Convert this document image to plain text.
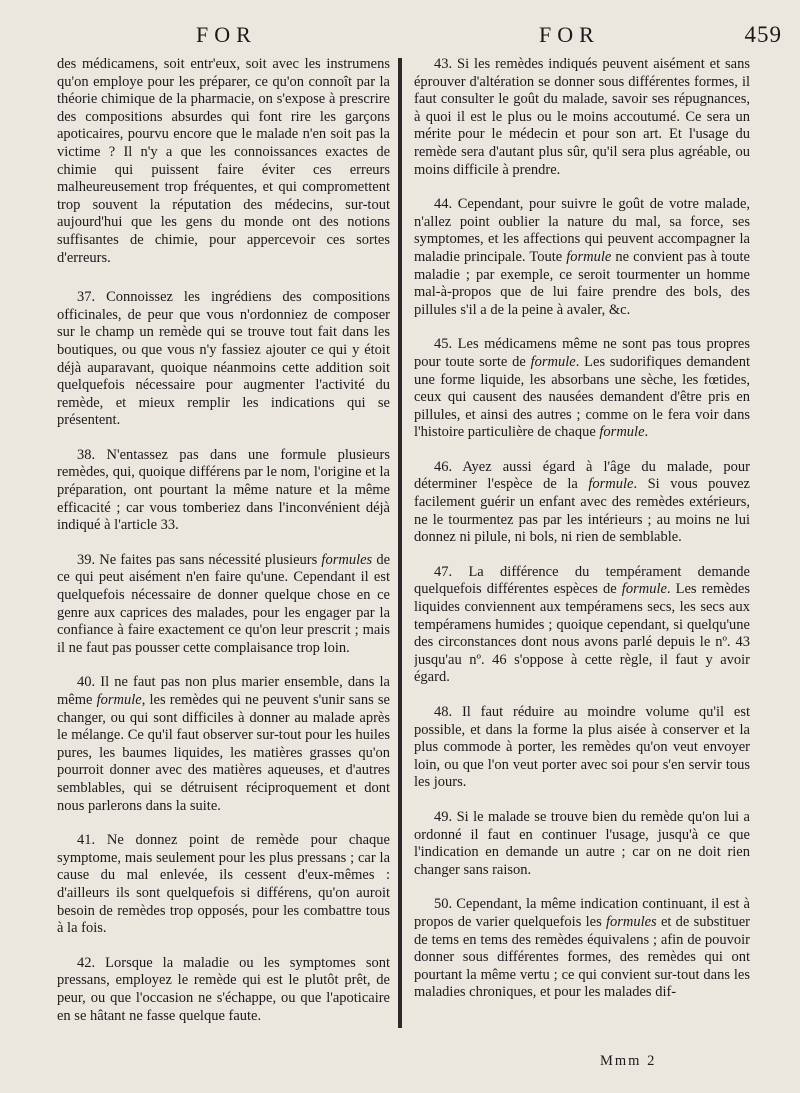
FOR	FOR	459

des médicamens, soit entr'eux, soit avec les instrumens qu'on employe pour les préparer, ce qu'on connoît par la théorie chimique de la pharmacie, on s'expose à prescrire des compositions absurdes qui font rire les garçons apoticaires, pourvu encore que le malade n'en soit pas la victime ? Il n'y a que les connoissances exactes de chimie qui puissent faire éviter ces erreurs malheureusement trop fréquentes, et qui compromettent trop souvent la réputation des médecins, sur-tout aujourd'hui que les gens du monde ont des notions suffisantes de chimie, pour appercevoir ces sortes d'erreurs.

37. Connoissez les ingrédiens des compositions officinales, de peur que vous n'ordonniez de composer sur le champ un remède qui se trouve tout fait dans les boutiques, ou que vous n'y fassiez ajouter ce qui y étoit déjà auparavant, quoique néanmoins cette addition soit quelquefois nécessaire pour augmenter l'activité du remède, et mieux remplir les indications qui se présentent.

38. N'entassez pas dans une formule plusieurs remèdes, qui, quoique différens par le nom, l'origine et la préparation, ont pourtant la même nature et la même efficacité ; car vous tomberiez dans l'inconvénient déjà indiqué à l'article 33.

39. Ne faites pas sans nécessité plusieurs formules de ce qui peut aisément n'en faire qu'une. Cependant il est quelquefois nécessaire de donner quelque chose en ce genre aux caprices des malades, pour les engager par la confiance à faire exactement ce qu'on leur prescrit ; mais il ne faut pas pousser cette complaisance trop loin.

40. Il ne faut pas non plus marier ensemble, dans la même formule, les remèdes qui ne peuvent s'unir sans se changer, ou qui sont difficiles à donner au malade après le mélange. Ce qu'il faut observer sur-tout pour les huiles pures, les baumes liquides, les matières grasses qu'on pourroit donner avec des matières aqueuses, et d'autres semblables, qui se détruisent réciproquement et dont nous parlerons dans la suite.

41. Ne donnez point de remède pour chaque symptome, mais seulement pour les plus pressans ; car la cause du mal enlevée, ils cessent d'eux-mêmes : d'ailleurs ils sont quelquefois si différens, qu'on auroit besoin de remèdes trop opposés, pour les combattre tous à la fois.

42. Lorsque la maladie ou les symptomes sont pressans, employez le remède qui est le plutôt prêt, de peur, ou que l'occasion ne s'échappe, ou que l'apoticaire en se hâtant ne fasse quelque faute.

43. Si les remèdes indiqués peuvent aisément et sans éprouver d'altération se donner sous différentes formes, il faut consulter le goût du malade, savoir ses répugnances, à quoi il est le plus ou le moins accoutumé. Ce sera un mérite pour le médecin et pour son art. Et l'usage du remède sera d'autant plus sûr, qu'il sera plus agréable, ou moins difficile à prendre.

44. Cependant, pour suivre le goût de votre malade, n'allez point oublier la nature du mal, sa force, ses symptomes, et les affections qui peuvent accompagner la maladie principale. Toute formule ne convient pas à toute maladie ; par exemple, ce seroit tourmenter un homme mal-à-propos que de lui faire prendre des bols, des pillules s'il a de la peine à avaler, &c.

45. Les médicamens même ne sont pas tous propres pour toute sorte de formule. Les sudorifiques demandent une forme liquide, les absorbans une sèche, les fœtides, ceux qui causent des nausées demandent d'être pris en pillules, et ainsi des autres ; comme on le fera voir dans l'histoire particulière de chaque formule.

46. Ayez aussi égard à l'âge du malade, pour déterminer l'espèce de la formule. Si vous pouvez facilement guérir un enfant avec des remèdes extérieurs, ne le tourmentez pas par les intérieurs ; au moins ne lui donnez ni pilule, ni bols, ni rien de semblable.

47. La différence du tempérament demande quelquefois différentes espèces de formule. Les remèdes liquides conviennent aux tempéramens secs, les secs aux tempéramens humides ; quoique cependant, si quelqu'une des circonstances dont nous avons parlé depuis le nº. 43 jusqu'au nº. 46 s'oppose à cette règle, il faut y avoir égard.

48. Il faut réduire au moindre volume qu'il est possible, et dans la forme la plus aisée à conserver et la plus commode à porter, les remèdes qu'on veut envoyer loin, ou que l'on veut porter avec soi pour s'en servir tous les jours.

49. Si le malade se trouve bien du remède qu'on lui a ordonné il faut en continuer l'usage, jusqu'à ce que l'indication en demande un autre ; car on ne doit rien changer sans raison.

50. Cependant, la même indication continuant, il est à propos de varier quelquefois les formules et de substituer de tems en tems des remèdes équivalens ; afin de pouvoir donner sous différentes formes, des remèdes qui ont pourtant la même vertu ; ce qui convient sur-tout dans les maladies chroniques, et pour les malades dif-

Mmm 2
